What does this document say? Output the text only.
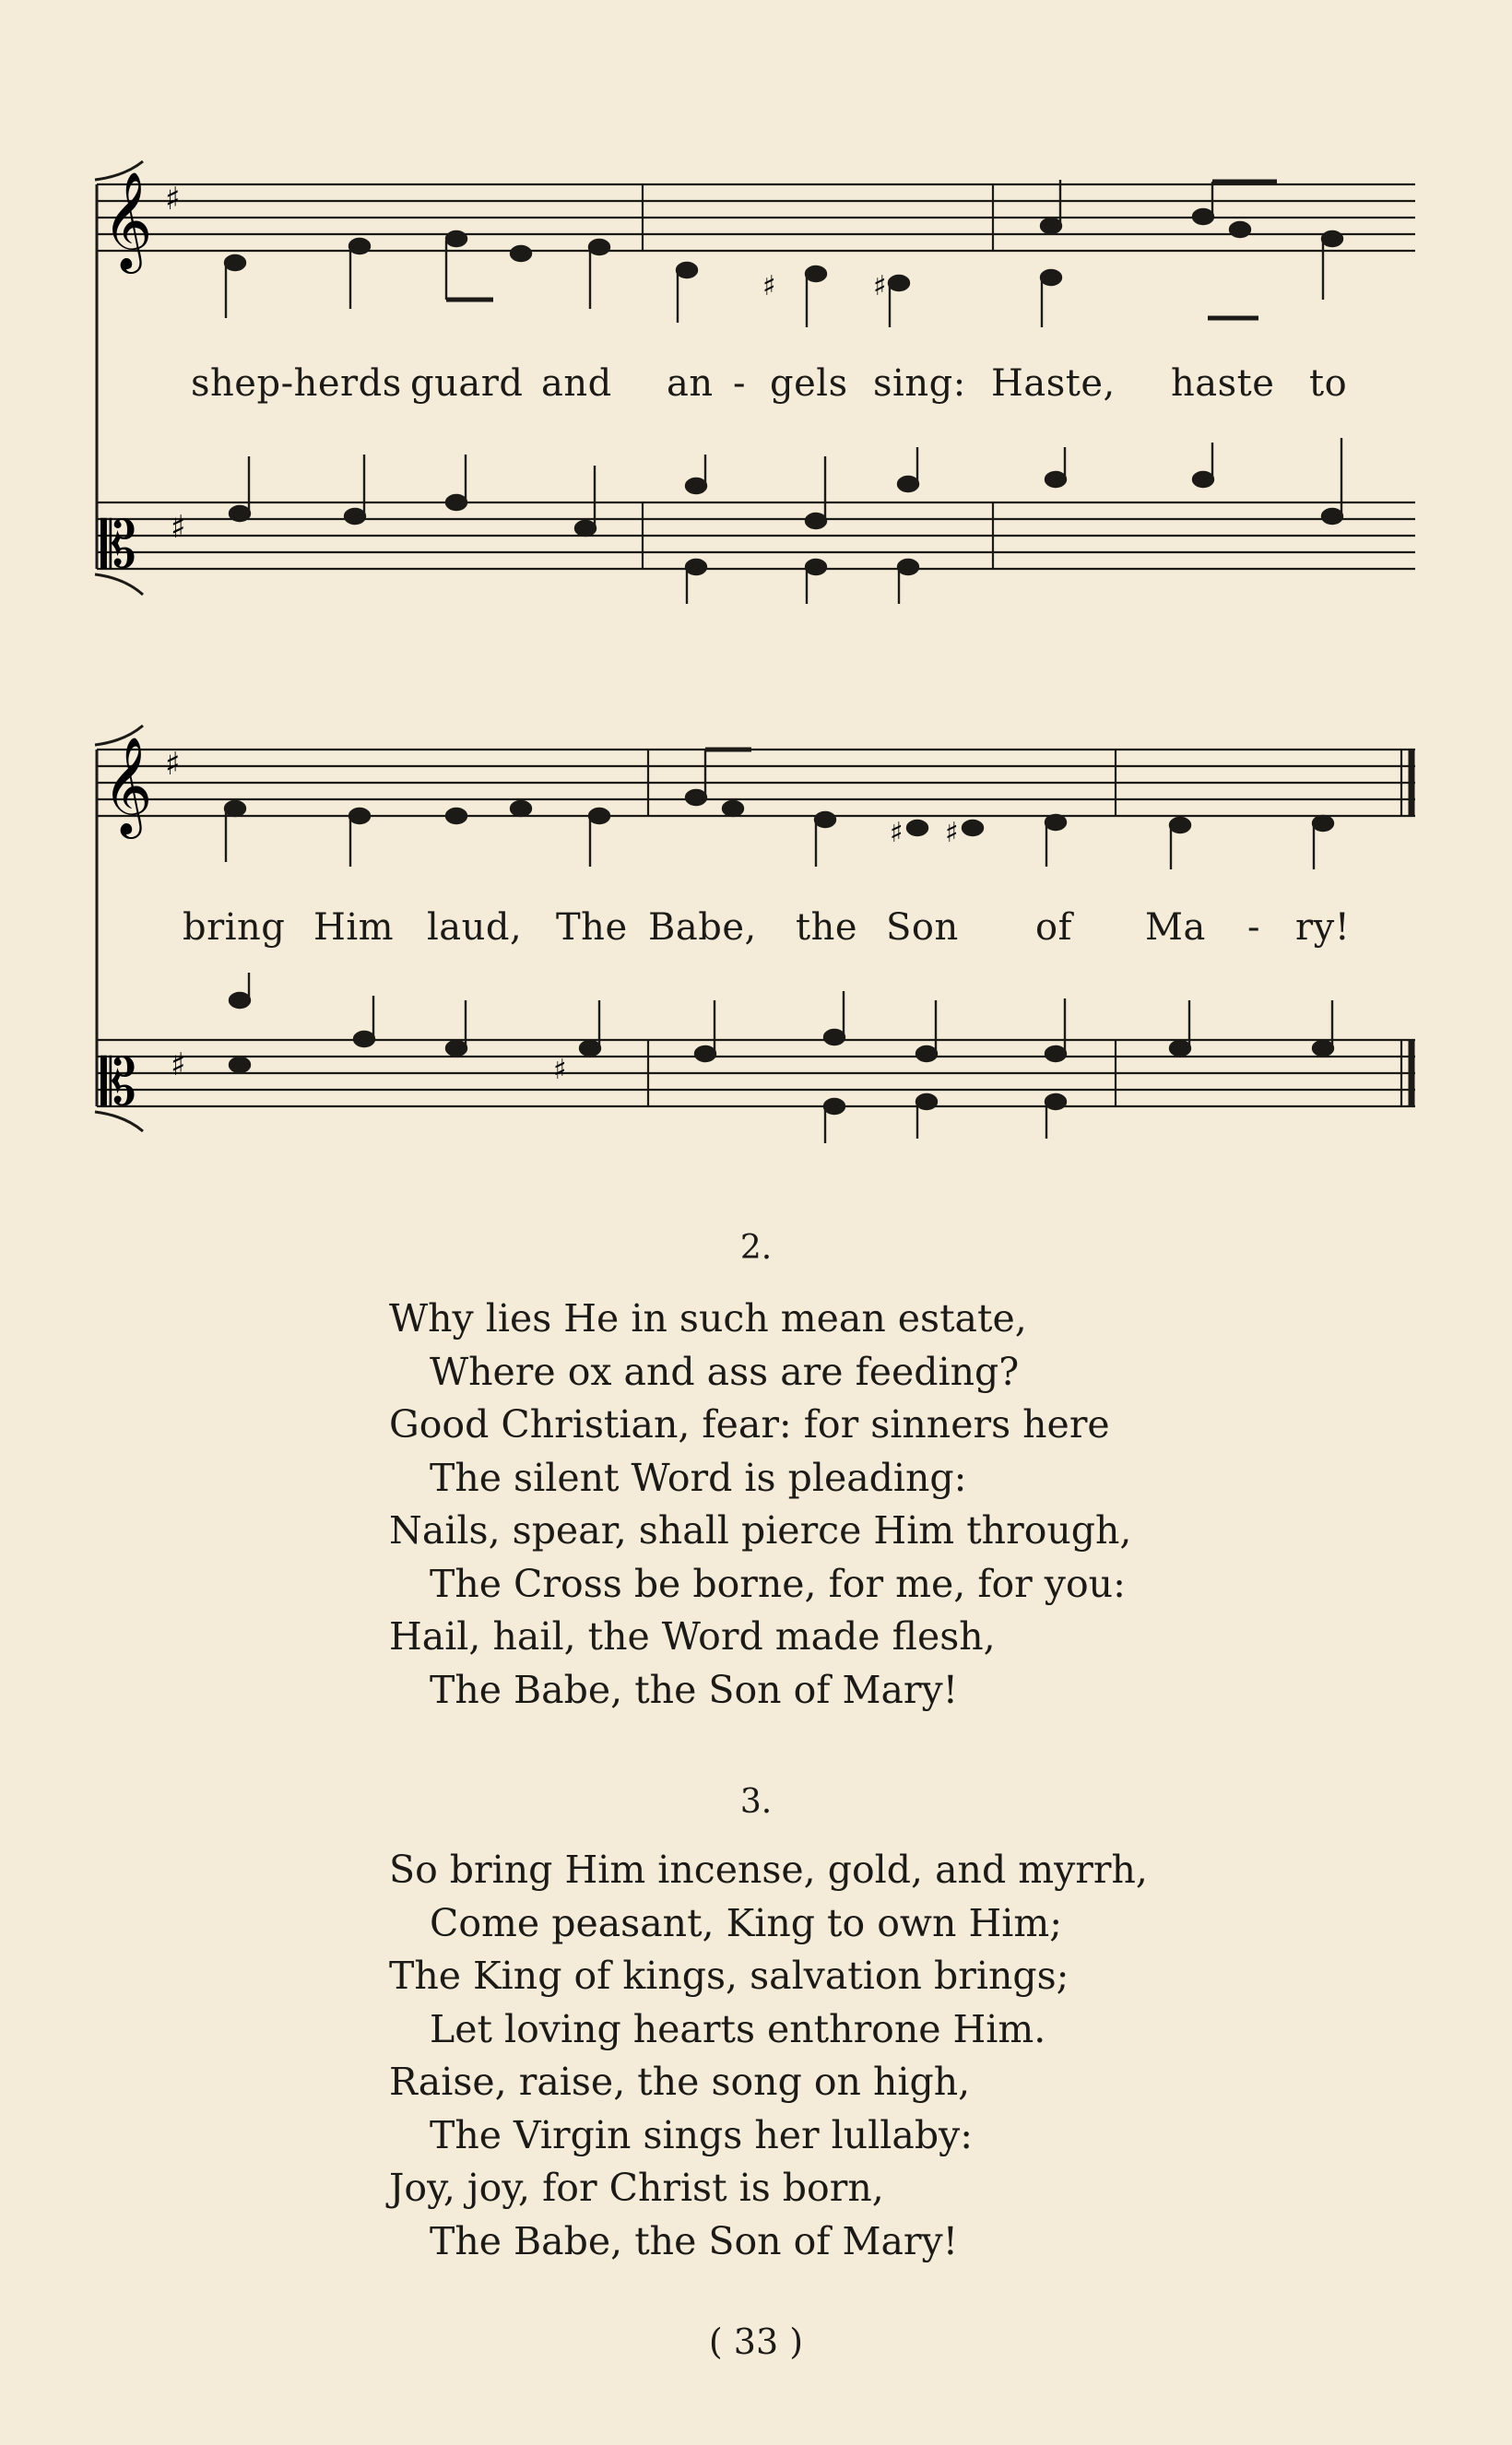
𝄞 ♯
𝄡 ♯
♯	♯
shep-herds guard and an - gels sing: Haste, haste to
𝄞 ♯
𝄡 ♯
♯ ♯
♯
bring Him laud, The Babe, the Son of Ma - ry!
2.
Why lies He in such mean estate,
Where ox and ass are feeding?
Good Christian, fear: for sinners here
The silent Word is pleading:
Nails, spear, shall pierce Him through,
The Cross be borne, for me, for you:
Hail, hail, the Word made flesh,
The Babe, the Son of Mary!
3.
So bring Him incense, gold, and myrrh,
Come peasant, King to own Him;
The King of kings, salvation brings;
Let loving hearts enthrone Him.
Raise, raise, the song on high,
The Virgin sings her lullaby:
Joy, joy, for Christ is born,
The Babe, the Son of Mary!
( 33 )
